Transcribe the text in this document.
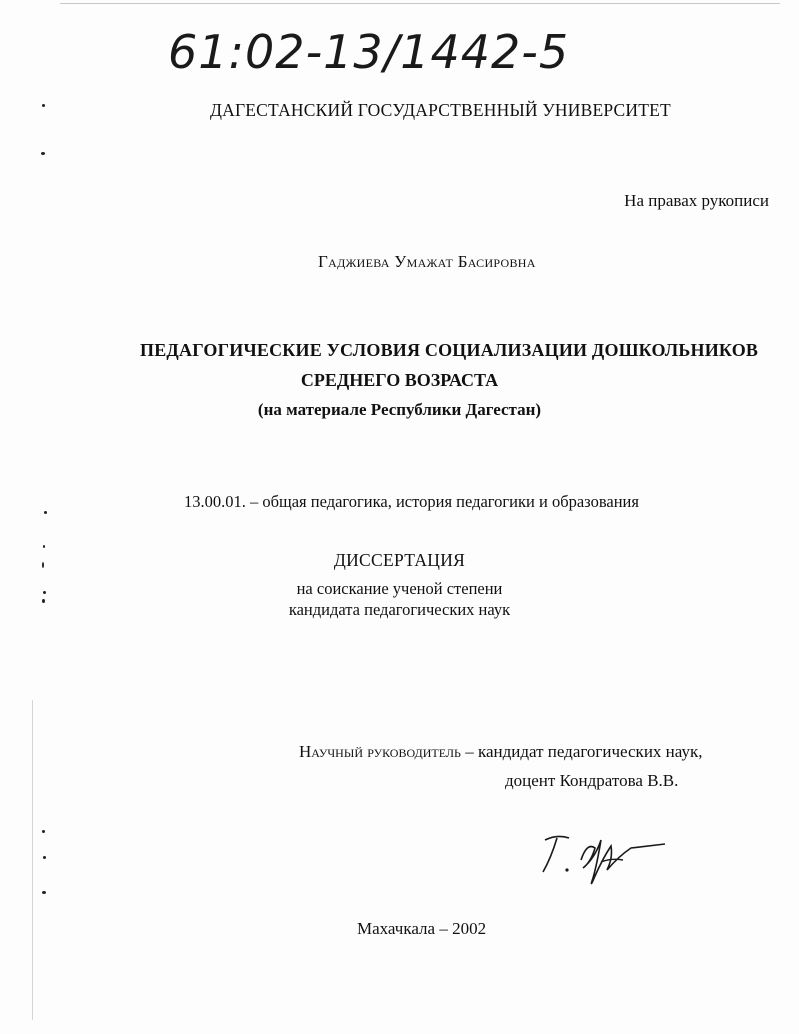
61:02-13/1442-5
ДАГЕСТАНСКИЙ ГОСУДАРСТВЕННЫЙ УНИВЕРСИТЕТ
На правах рукописи
Гаджиева Умажат Басировна
ПЕДАГОГИЧЕСКИЕ УСЛОВИЯ СОЦИАЛИЗАЦИИ ДОШКОЛЬНИКОВ
СРЕДНЕГО ВОЗРАСТА
(на материале Республики Дагестан)
13.00.01. – общая педагогика, история педагогики и образования
ДИССЕРТАЦИЯ
на соискание ученой степени
кандидата педагогических наук
Научный руководитель – кандидат педагогических наук,
доцент Кондратова В.В.
Махачкала – 2002
